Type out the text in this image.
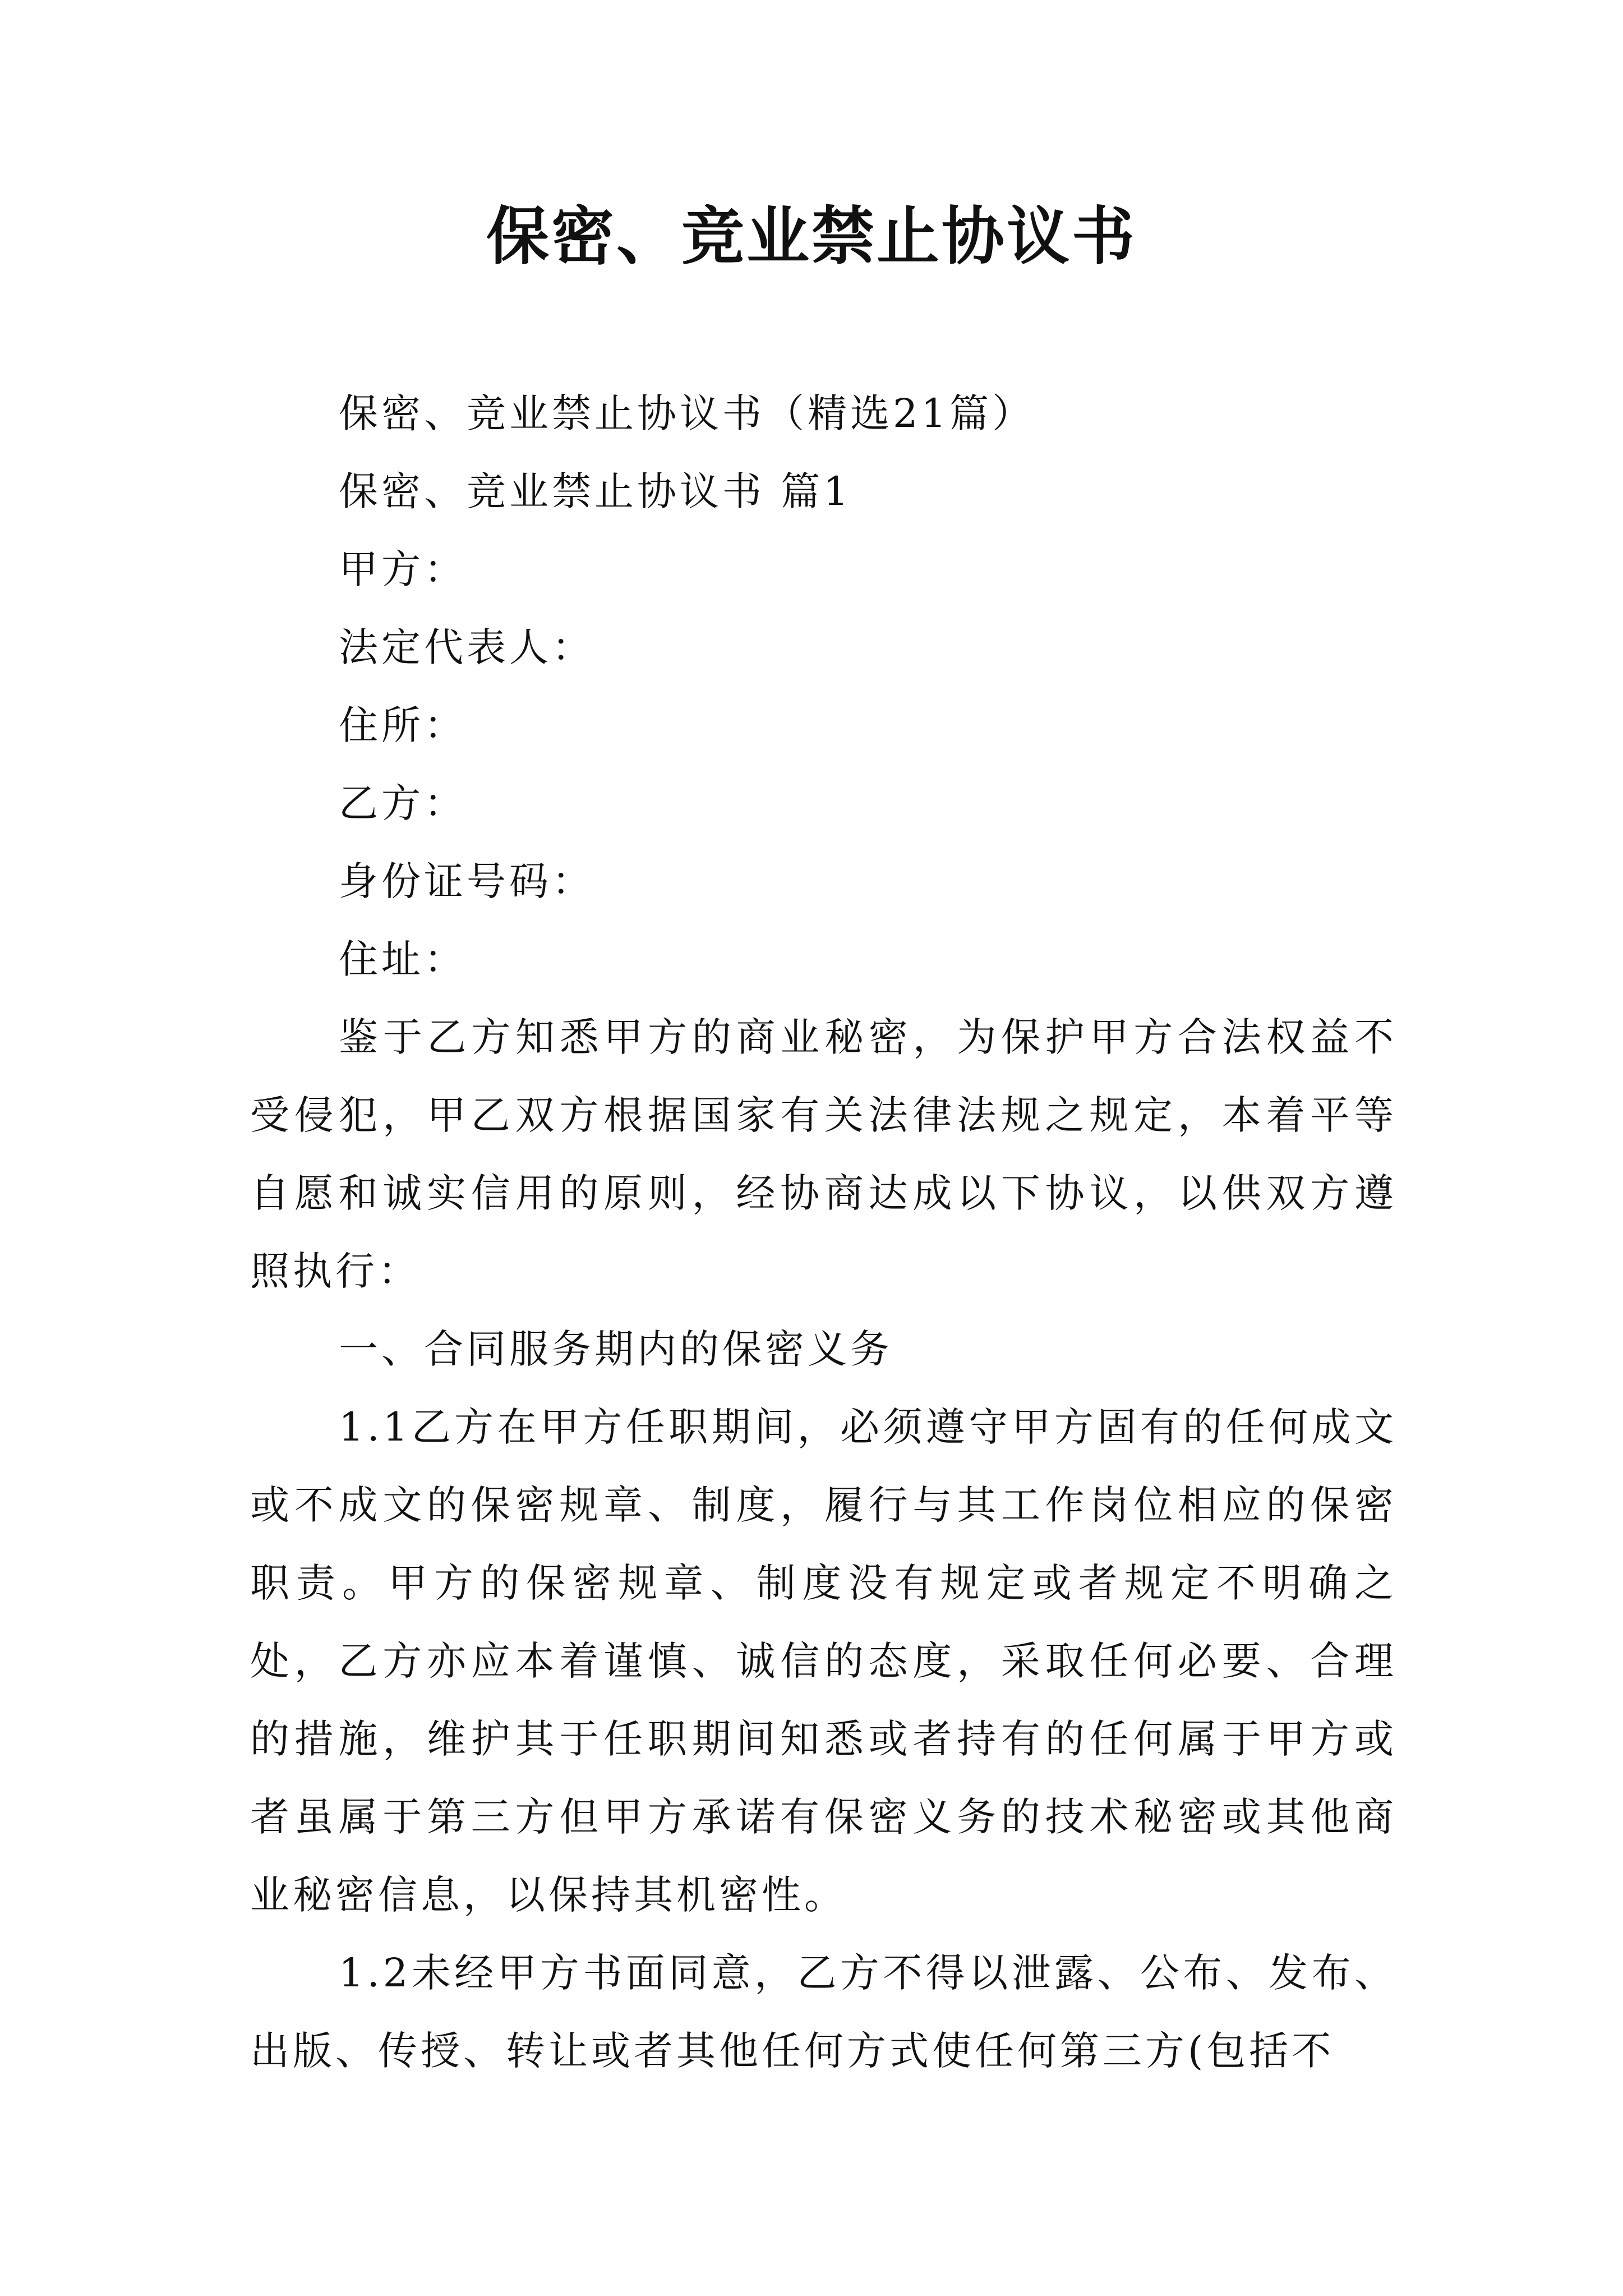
保密、竞业禁止协议书

保密、竞业禁止协议书（精选21篇）

保密、竞业禁止协议书 篇1

甲方：

法定代表人：

住所：

乙方：

身份证号码：

住址：

鉴于乙方知悉甲方的商业秘密，为保护甲方合法权益不受侵犯，甲乙双方根据国家有关法律法规之规定，本着平等自愿和诚实信用的原则，经协商达成以下协议，以供双方遵照执行：

一、合同服务期内的保密义务

1.1乙方在甲方任职期间，必须遵守甲方固有的任何成文或不成文的保密规章、制度，履行与其工作岗位相应的保密职责。甲方的保密规章、制度没有规定或者规定不明确之处，乙方亦应本着谨慎、诚信的态度，采取任何必要、合理的措施，维护其于任职期间知悉或者持有的任何属于甲方或者虽属于第三方但甲方承诺有保密义务的技术秘密或其他商业秘密信息，以保持其机密性。

1.2未经甲方书面同意，乙方不得以泄露、公布、发布、出版、传授、转让或者其他任何方式使任何第三方(包括不
